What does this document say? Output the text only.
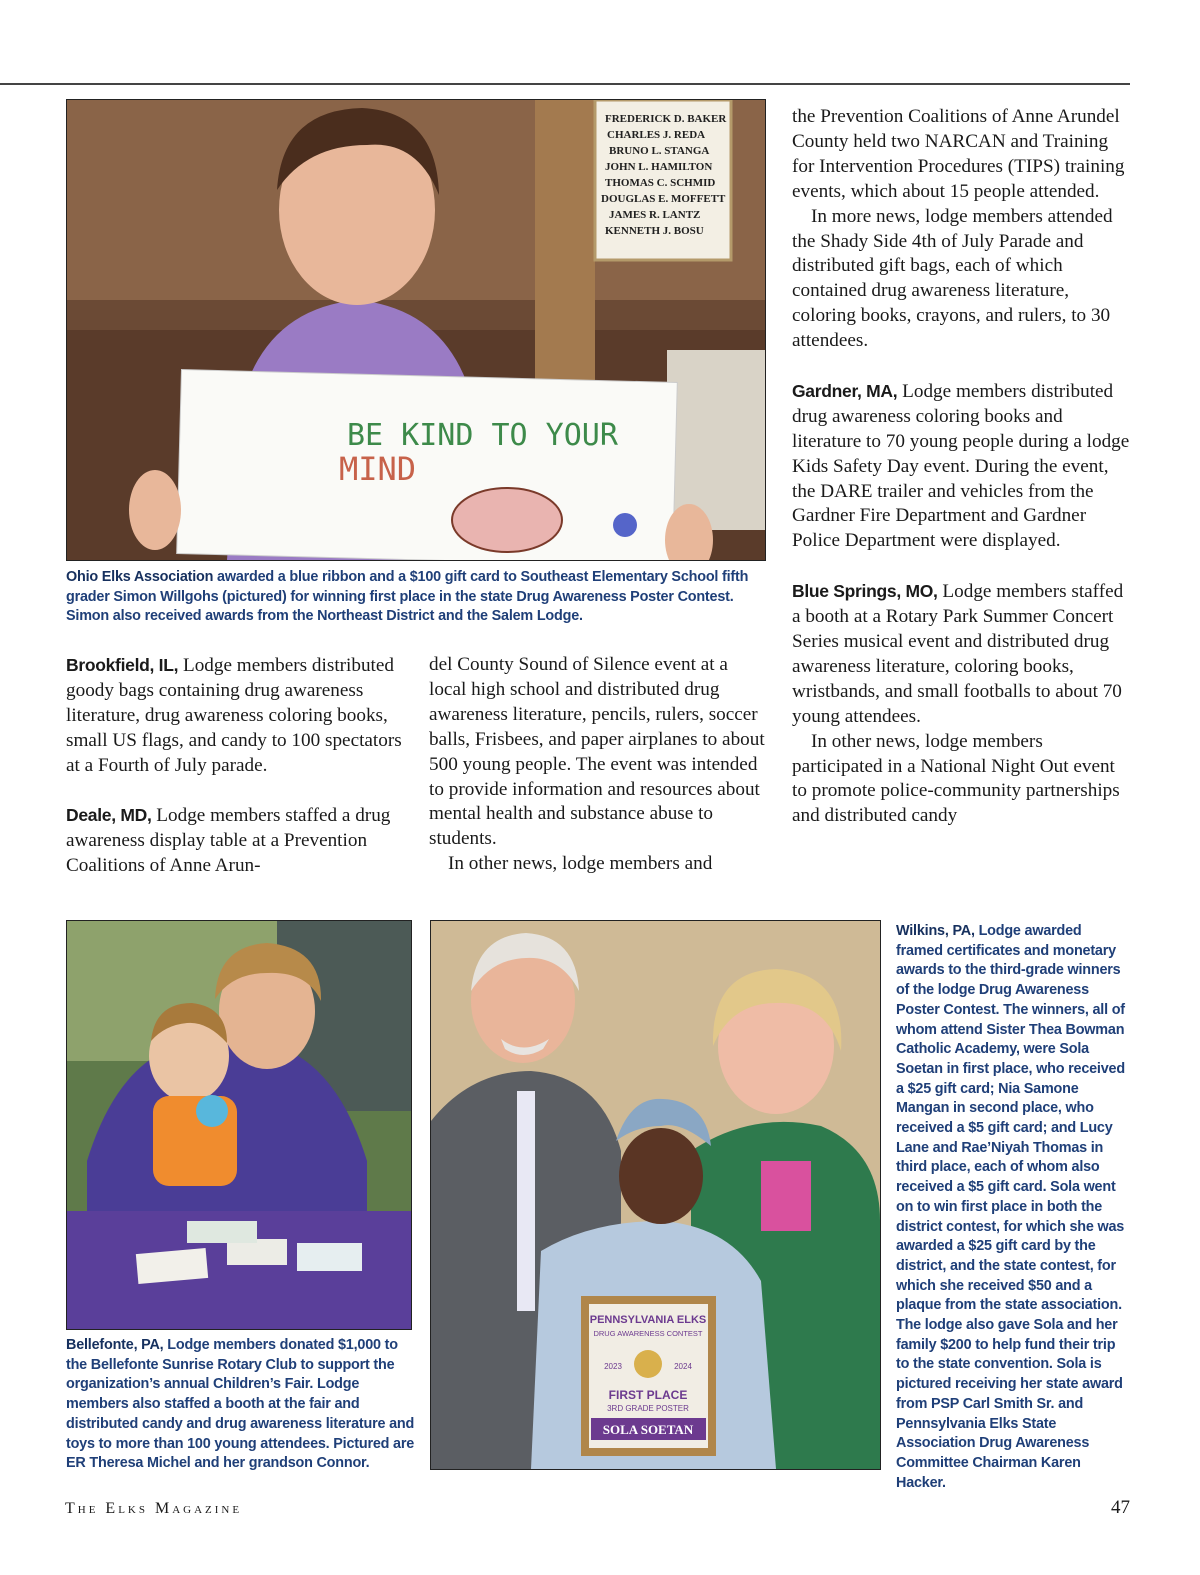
FREDERICK D. BAKER
CHARLES J. REDA
BRUNO L. STANGA
JOHN L. HAMILTON
THOMAS C. SCHMID
DOUGLAS E. MOFFETT
JAMES R. LANTZ
KENNETH J. BOSU
BE KIND TO YOUR
MIND
Ohio Elks Association awarded a blue ribbon and a $100 gift card to Southeast Elementary School fifth grader Simon Willgohs (pictured) for winning first place in the state Drug Awareness Poster Contest. Simon also received awards from the Northeast District and the Salem Lodge.

the Prevention Coalitions of Anne Arundel County held two NARCAN and Training for Intervention Procedures (TIPS) training events, which about 15 people attended.

In more news, lodge members attended the Shady Side 4th of July Parade and distributed gift bags, each of which contained drug awareness literature, coloring books, crayons, and rulers, to 30 attendees.

Gardner, MA, Lodge members distributed drug awareness coloring books and literature to 70 young people during a lodge Kids Safety Day event. During the event, the DARE trailer and vehicles from the Gardner Fire Department and Gardner Police Department were displayed.

Blue Springs, MO, Lodge members staffed a booth at a Rotary Park Summer Concert Series musical event and distributed drug awareness literature, coloring books, wristbands, and small footballs to about 70 young attendees.

In other news, lodge members participated in a National Night Out event to promote police-community partnerships and distributed candy

Brookfield, IL, Lodge members distributed goody bags containing drug awareness literature, drug awareness coloring books, small US flags, and candy to 100 spectators at a Fourth of July parade.

Deale, MD, Lodge members staffed a drug awareness display table at a Prevention Coalitions of Anne Arun-

del County Sound of Silence event at a local high school and distributed drug awareness literature, pencils, rulers, soccer balls, Frisbees, and paper airplanes to about 500 young people. The event was intended to provide information and resources about mental health and substance abuse to students.

In other news, lodge members and

Bellefonte, PA, Lodge members donated $1,000 to the Bellefonte Sunrise Rotary Club to support the organization’s annual Children’s Fair. Lodge members also staffed a booth at the fair and distributed candy and drug awareness literature and toys to more than 100 young attendees. Pictured are ER Theresa Michel and her grandson Connor.
PENNSYLVANIA ELKS
DRUG AWARENESS CONTEST
2023	2024
FIRST PLACE
3RD GRADE POSTER
SOLA SOETAN
Wilkins, PA, Lodge awarded framed certificates and monetary awards to the third-grade winners of the lodge Drug Awareness Poster Contest. The winners, all of whom attend Sister Thea Bowman Catholic Academy, were Sola Soetan in first place, who received a $25 gift card; Nia Samone Mangan in second place, who received a $5 gift card; and Lucy Lane and Rae’Niyah Thomas in third place, each of whom also received a $5 gift card. Sola went on to win first place in both the district contest, for which she was awarded a $25 gift card by the district, and the state contest, for which she received $50 and a plaque from the state association. The lodge also gave Sola and her family $200 to help fund their trip to the state convention. Sola is pictured receiving her state award from PSP Carl Smith Sr. and Pennsylvania Elks State Association Drug Awareness Committee Chairman Karen Hacker.
The Elks Magazine	47
